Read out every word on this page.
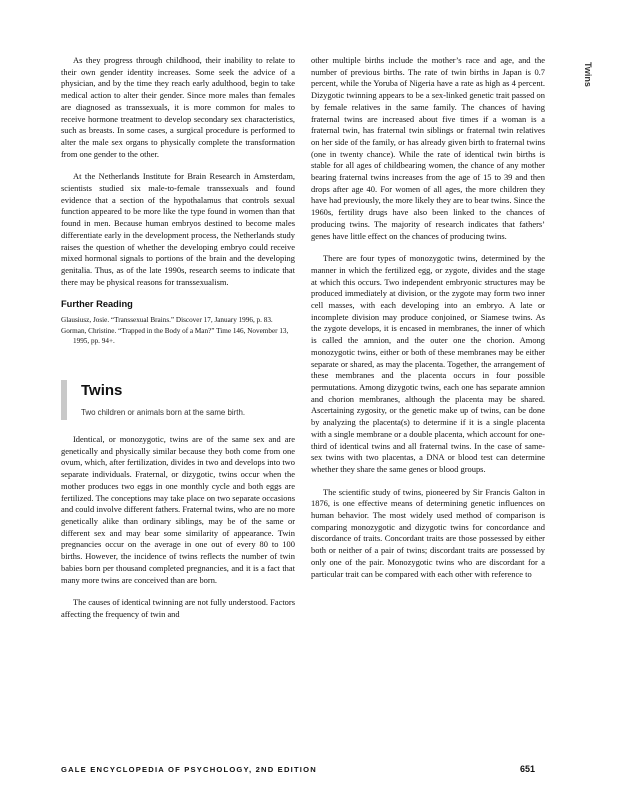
Twins

As they progress through childhood, their inability to relate to their own gender identity increases. Some seek the advice of a physician, and by the time they reach early adulthood, begin to take medical action to alter their gender. Since more males than females are diagnosed as transsexuals, it is more common for males to receive hormone treatment to develop secondary sex characteristics, such as breasts. In some cases, a surgical procedure is performed to alter the male sex organs to physically complete the transformation from one gender to the other.

At the Netherlands Institute for Brain Research in Amsterdam, scientists studied six male-to-female transsexuals and found evidence that a section of the hypothalamus that controls sexual function appeared to be more like the type found in women than that found in men. Because human embryos destined to become males differentiate early in the development process, the Netherlands study raises the question of whether the developing embryo could receive mixed hormonal signals to portions of the brain and the developing genitalia. Thus, as of the late 1990s, research seems to indicate that there may be physical reasons for transsexualism.

Further Reading
Glausiusz, Josie. “Transsexual Brains.” Discover 17, January 1996, p. 83.
Gorman, Christine. “Trapped in the Body of a Man?” Time 146, November 13, 1995, pp. 94+.
Twins
Two children or animals born at the same birth.

Identical, or monozygotic, twins are of the same sex and are genetically and physically similar because they both come from one ovum, which, after fertilization, divides in two and develops into two separate individuals. Fraternal, or dizygotic, twins occur when the mother produces two eggs in one monthly cycle and both eggs are fertilized. The conceptions may take place on two separate occasions and could involve different fathers. Fraternal twins, who are no more genetically alike than ordinary siblings, may be of the same or different sex and may bear some similarity of appearance. Twin pregnancies occur on the average in one out of every 80 to 100 births. However, the incidence of twins reflects the number of twin babies born per thousand completed pregnancies, and it is a fact that many more twins are conceived than are born.

The causes of identical twinning are not fully understood. Factors affecting the frequency of twin and

other multiple births include the mother’s race and age, and the number of previous births. The rate of twin births in Japan is 0.7 percent, while the Yoruba of Nigeria have a rate as high as 4 percent. Dizygotic twinning appears to be a sex-linked genetic trait passed on by female relatives in the same family. The chances of having fraternal twins are increased about five times if a woman is a fraternal twin, has fraternal twin siblings or fraternal twin relatives on her side of the family, or has already given birth to fraternal twins (one in twenty chance). While the rate of identical twin births is stable for all ages of childbearing women, the chance of any mother bearing fraternal twins increases from the age of 15 to 39 and then drops after age 40. For women of all ages, the more children they have had previously, the more likely they are to bear twins. Since the 1960s, fertility drugs have also been linked to the chances of producing twins. The majority of research indicates that fathers’ genes have little effect on the chances of producing twins.

There are four types of monozygotic twins, determined by the manner in which the fertilized egg, or zygote, divides and the stage at which this occurs. Two independent embryonic structures may be produced immediately at division, or the zygote may form two inner cell masses, with each developing into an embryo. A late or incomplete division may produce conjoined, or Siamese twins. As the zygote develops, it is encased in membranes, the inner of which is called the amnion, and the outer one the chorion. Among monozygotic twins, either or both of these membranes may be either separate or shared, as may the placenta. Together, the arrangement of these membranes and the placenta occurs in four possible permutations. Among dizygotic twins, each one has separate amnion and chorion membranes, although the placenta may be shared. Ascertaining zygosity, or the genetic make up of twins, can be done by analyzing the placenta(s) to determine if it is a single placenta with a single membrane or a double placenta, which account for one-third of identical twins and all fraternal twins. In the case of same-sex twins with two placentas, a DNA or blood test can determine whether they share the same genes or blood groups.

The scientific study of twins, pioneered by Sir Francis Galton in 1876, is one effective means of determining genetic influences on human behavior. The most widely used method of comparison is comparing monozygotic and dizygotic twins for concordance and discordance of traits. Concordant traits are those possessed by either both or neither of a pair of twins; discordant traits are possessed by only one of the pair. Monozygotic twins who are discordant for a particular trait can be compared with each other with reference to

GALE ENCYCLOPEDIA OF PSYCHOLOGY, 2ND EDITION	651
